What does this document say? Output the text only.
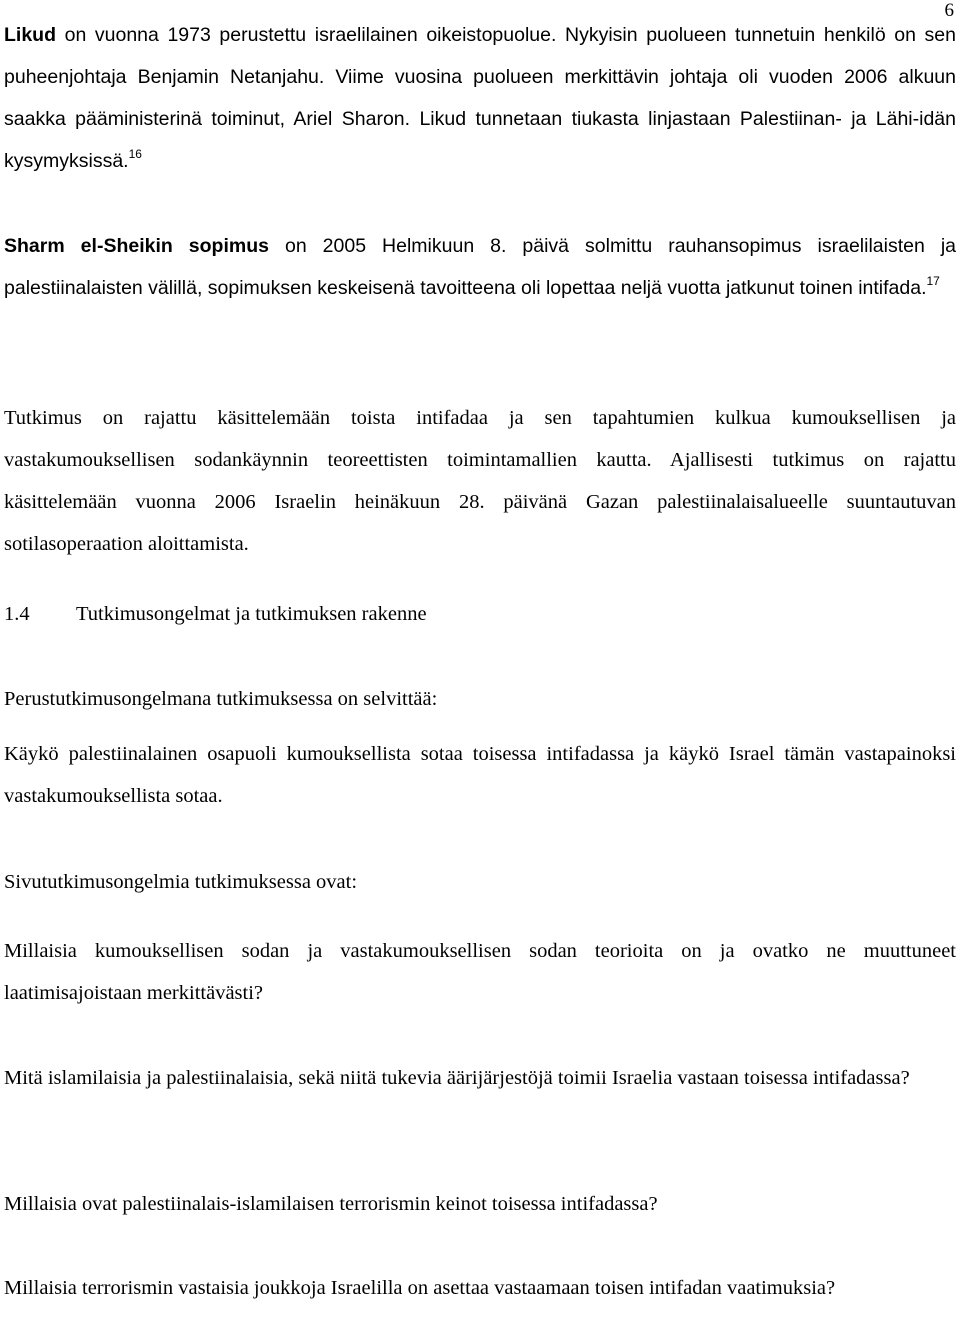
6
Likud on vuonna 1973 perustettu israelilainen oikeistopuolue. Nykyisin puolueen tunnetuin henkilö on sen puheenjohtaja Benjamin Netanjahu. Viime vuosina puolueen merkittävin johtaja oli vuoden 2006 alkuun saakka pääministerinä toiminut, Ariel Sharon. Likud tunnetaan tiukasta linjastaan Palestiinan- ja Lähi-idän kysymyksissä.$^{16}$
Sharm el-Sheikin sopimus on 2005 Helmikuun 8. päivä solmittu rauhansopimus israelilaisten ja palestiinalaisten välillä, sopimuksen keskeisenä tavoitteena oli lopettaa neljä vuotta jatkunut toinen intifada.$^{17}$
Tutkimus on rajattu käsittelemään toista intifadaa ja sen tapahtumien kulkua kumouksellisen ja vastakumouksellisen sodankäynnin teoreettisten toimintamallien kautta. Ajallisesti tutkimus on rajattu käsittelemään vuonna 2006 Israelin heinäkuun 28. päivänä Gazan palestiinalaisalueelle suuntautuvan sotilasoperaation aloittamista.
1.4 Tutkimusongelmat ja tutkimuksen rakenne
Perustutkimusongelmana tutkimuksessa on selvittää:
Käykö palestiinalainen osapuoli kumouksellista sotaa toisessa intifadassa ja käykö Israel tämän vastapainoksi vastakumouksellista sotaa.
Sivututkimusongelmia tutkimuksessa ovat:
Millaisia kumouksellisen sodan ja vastakumouksellisen sodan teorioita on ja ovatko ne muuttuneet laatimisajoistaan merkittävästi?
Mitä islamilaisia ja palestiinalaisia, sekä niitä tukevia äärijärjestöjä toimii Israelia vastaan toisessa intifadassa?
Millaisia ovat palestiinalais-islamilaisen terrorismin keinot toisessa intifadassa?
Millaisia terrorismin vastaisia joukkoja Israelilla on asettaa vastaamaan toisen intifadan vaatimuksia?
